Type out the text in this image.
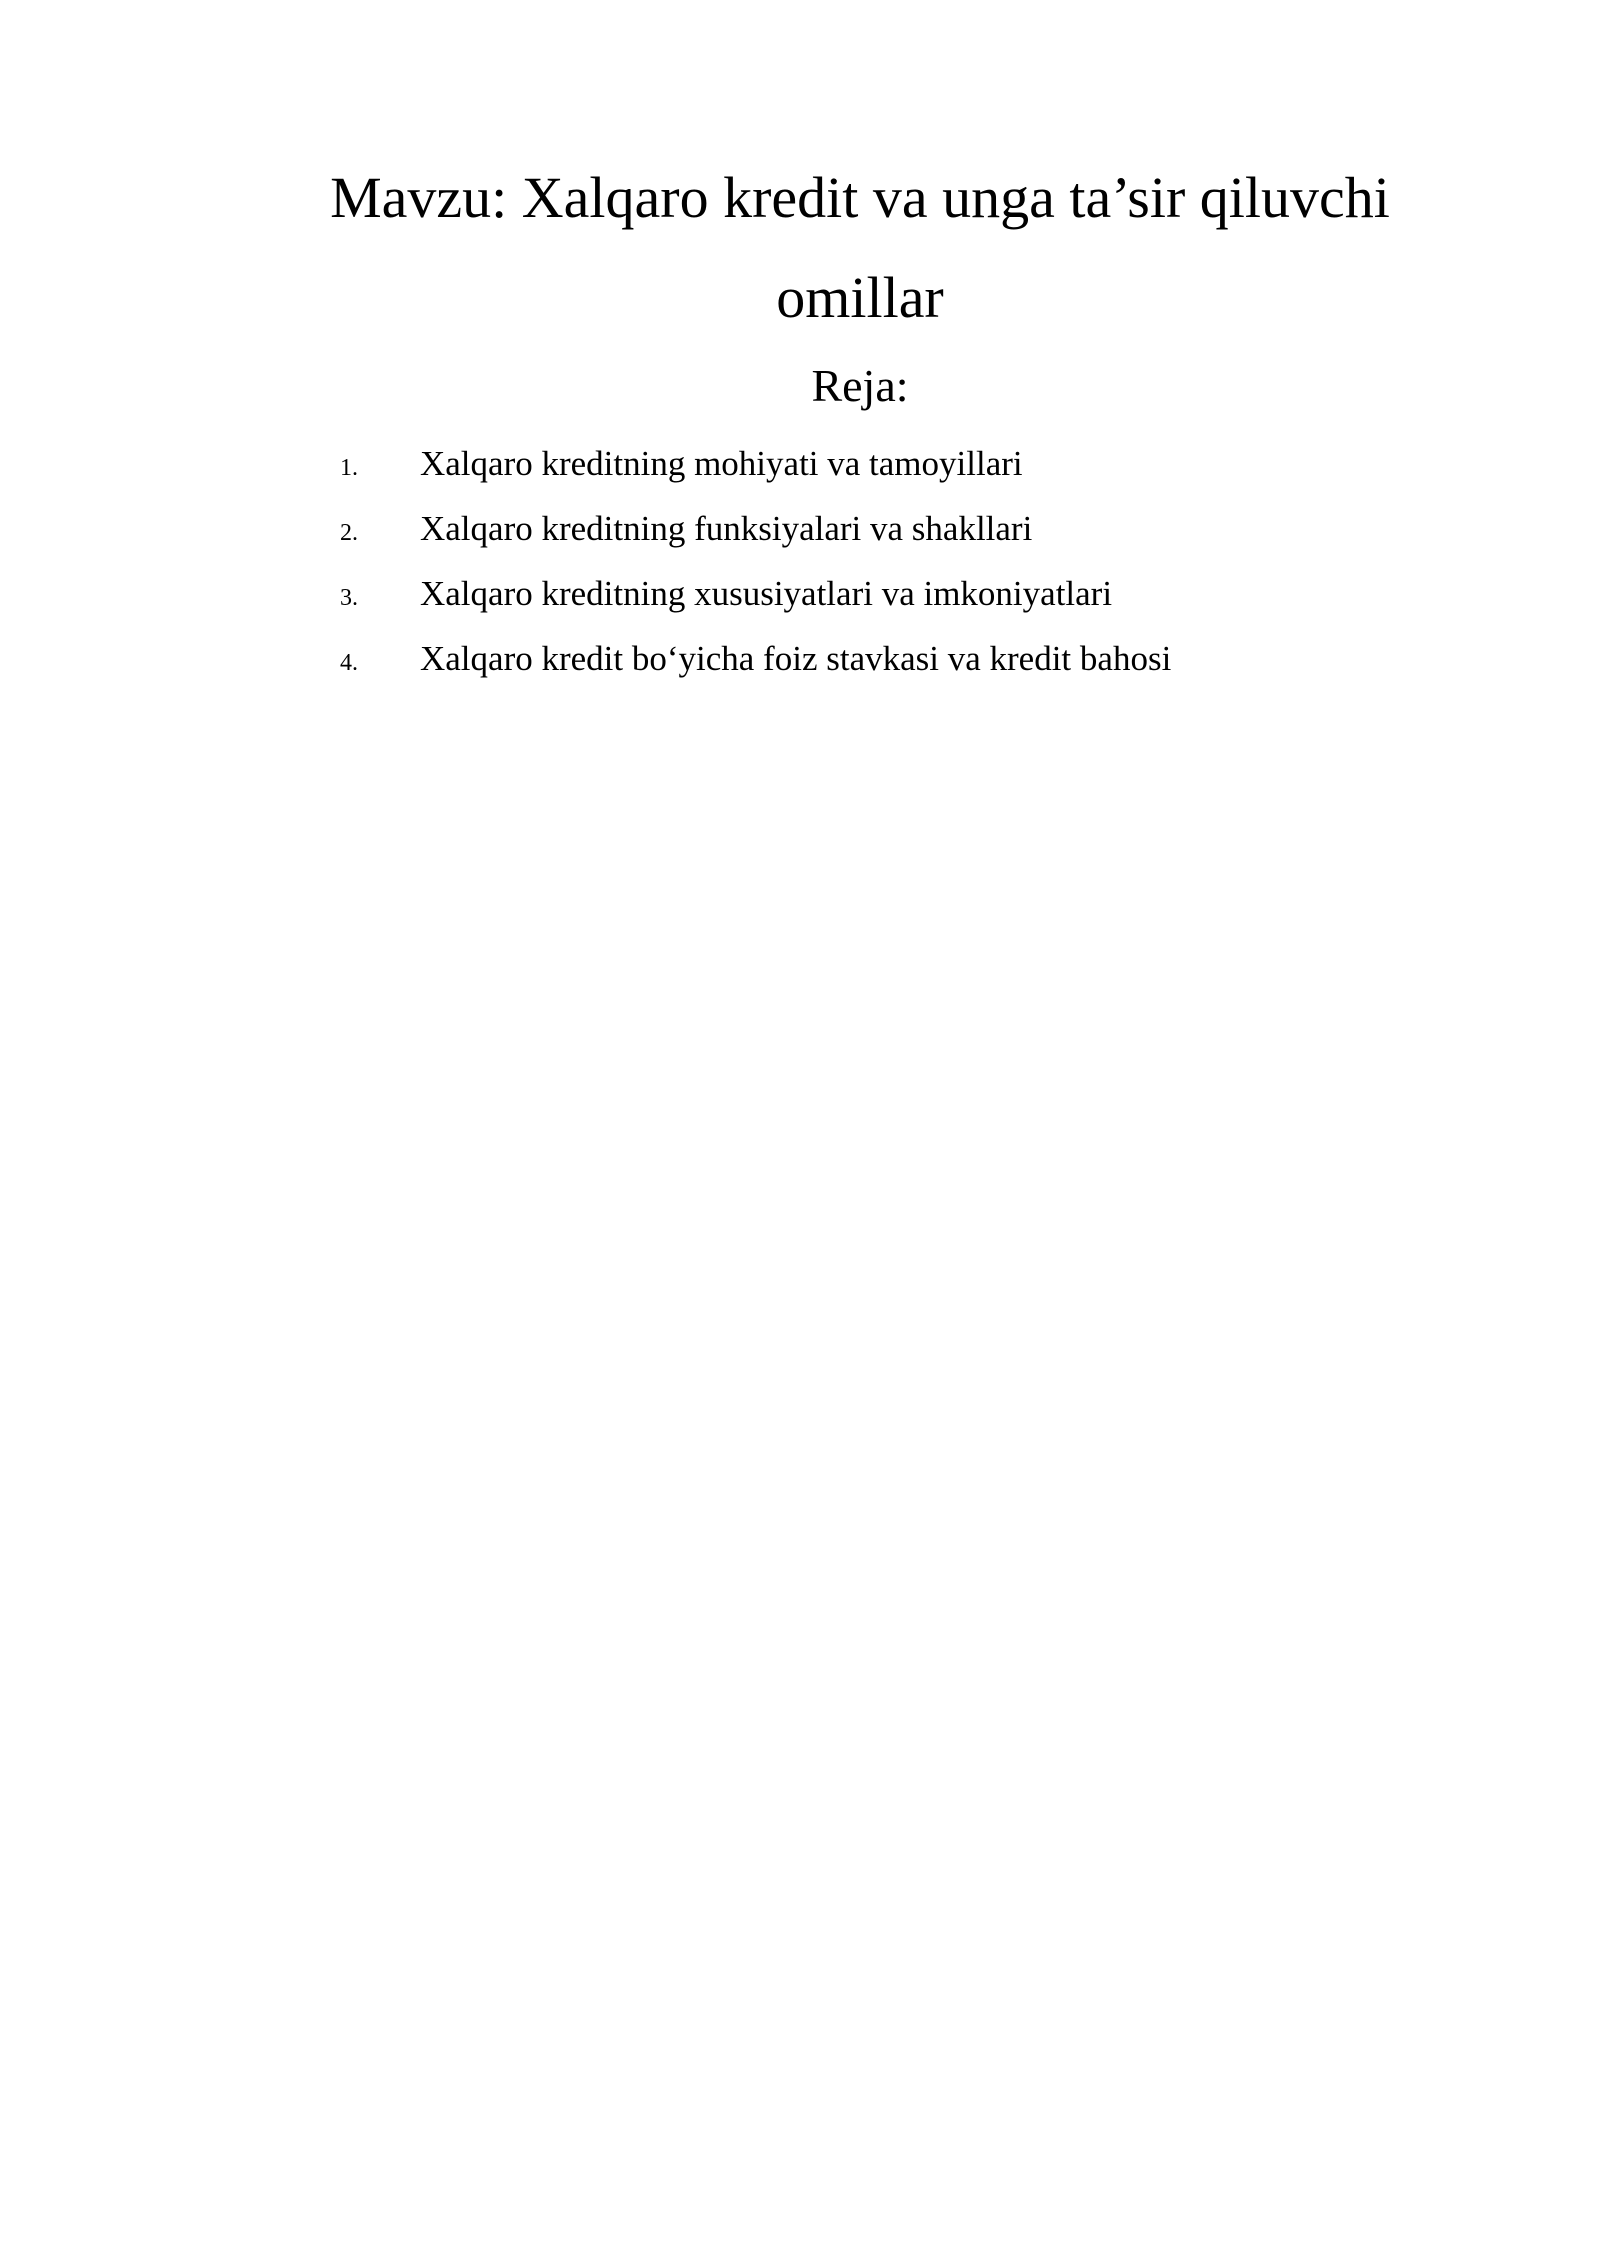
Mavzu: Xalqaro kredit va unga ta’sir qiluvchi omillar
Reja:
1.	Xalqaro kreditning mohiyati va tamoyillari
2.	Xalqaro kreditning funksiyalari va shakllari
3.	Xalqaro kreditning xususiyatlari va imkoniyatlari
4.	Xalqaro kredit bo‘yicha foiz stavkasi va kredit bahosi
